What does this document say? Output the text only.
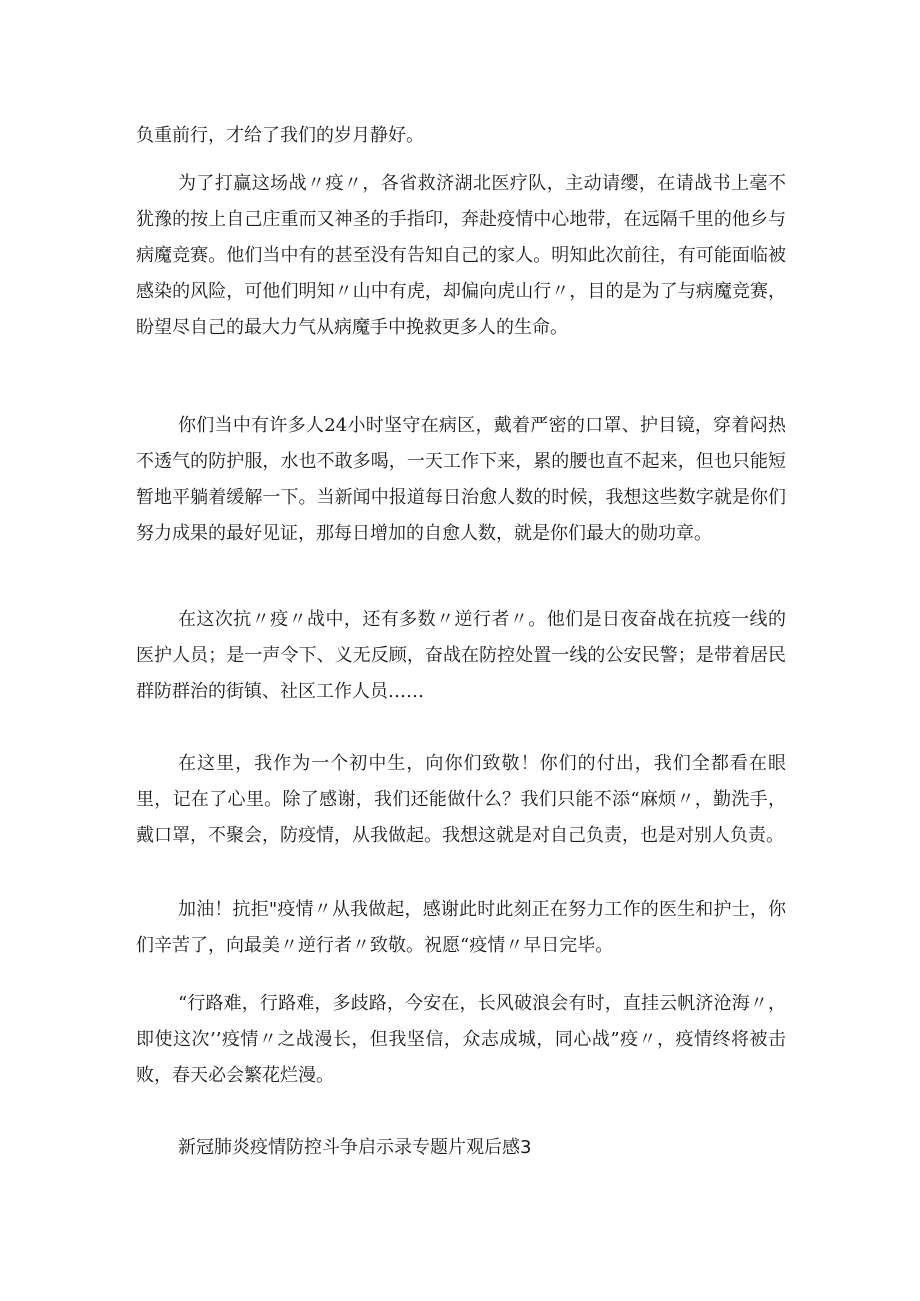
负重前行，才给了我们的岁月静好。

为了打赢这场战〃疫〃，各省救济湖北医疗队，主动请缨，在请战书上毫不犹豫的按上自己庄重而又神圣的手指印，奔赴疫情中心地带，在远隔千里的他乡与病魔竞赛。他们当中有的甚至没有告知自己的家人。明知此次前往，有可能面临被感染的风险，可他们明知〃山中有虎，却偏向虎山行〃，目的是为了与病魔竞赛，盼望尽自己的最大力气从病魔手中挽救更多人的生命。

你们当中有许多人24小时坚守在病区，戴着严密的口罩、护目镜，穿着闷热不透气的防护服，水也不敢多喝，一天工作下来，累的腰也直不起来，但也只能短暂地平躺着缓解一下。当新闻中报道每日治愈人数的时候，我想这些数字就是你们努力成果的最好见证，那每日增加的自愈人数，就是你们最大的勋功章。

在这次抗〃疫〃战中，还有多数〃逆行者〃。他们是日夜奋战在抗疫一线的医护人员；是一声令下、义无反顾，奋战在防控处置一线的公安民警；是带着居民群防群治的街镇、社区工作人员……

在这里，我作为一个初中生，向你们致敬！你们的付出，我们全都看在眼里，记在了心里。除了感谢，我们还能做什么？我们只能不添“麻烦〃，勤洗手，戴口罩，不聚会，防疫情，从我做起。我想这就是对自己负责，也是对别人负责。

加油！抗拒"疫情〃从我做起，感谢此时此刻正在努力工作的医生和护士，你们辛苦了，向最美〃逆行者〃致敬。祝愿“疫情〃早日完毕。

“行路难，行路难，多歧路，今安在，长风破浪会有时，直挂云帆济沧海〃，即使这次’’疫情〃之战漫长，但我坚信，众志成城，同心战”疫〃，疫情终将被击败，春天必会繁花烂漫。

新冠肺炎疫情防控斗争启示录专题片观后感3
